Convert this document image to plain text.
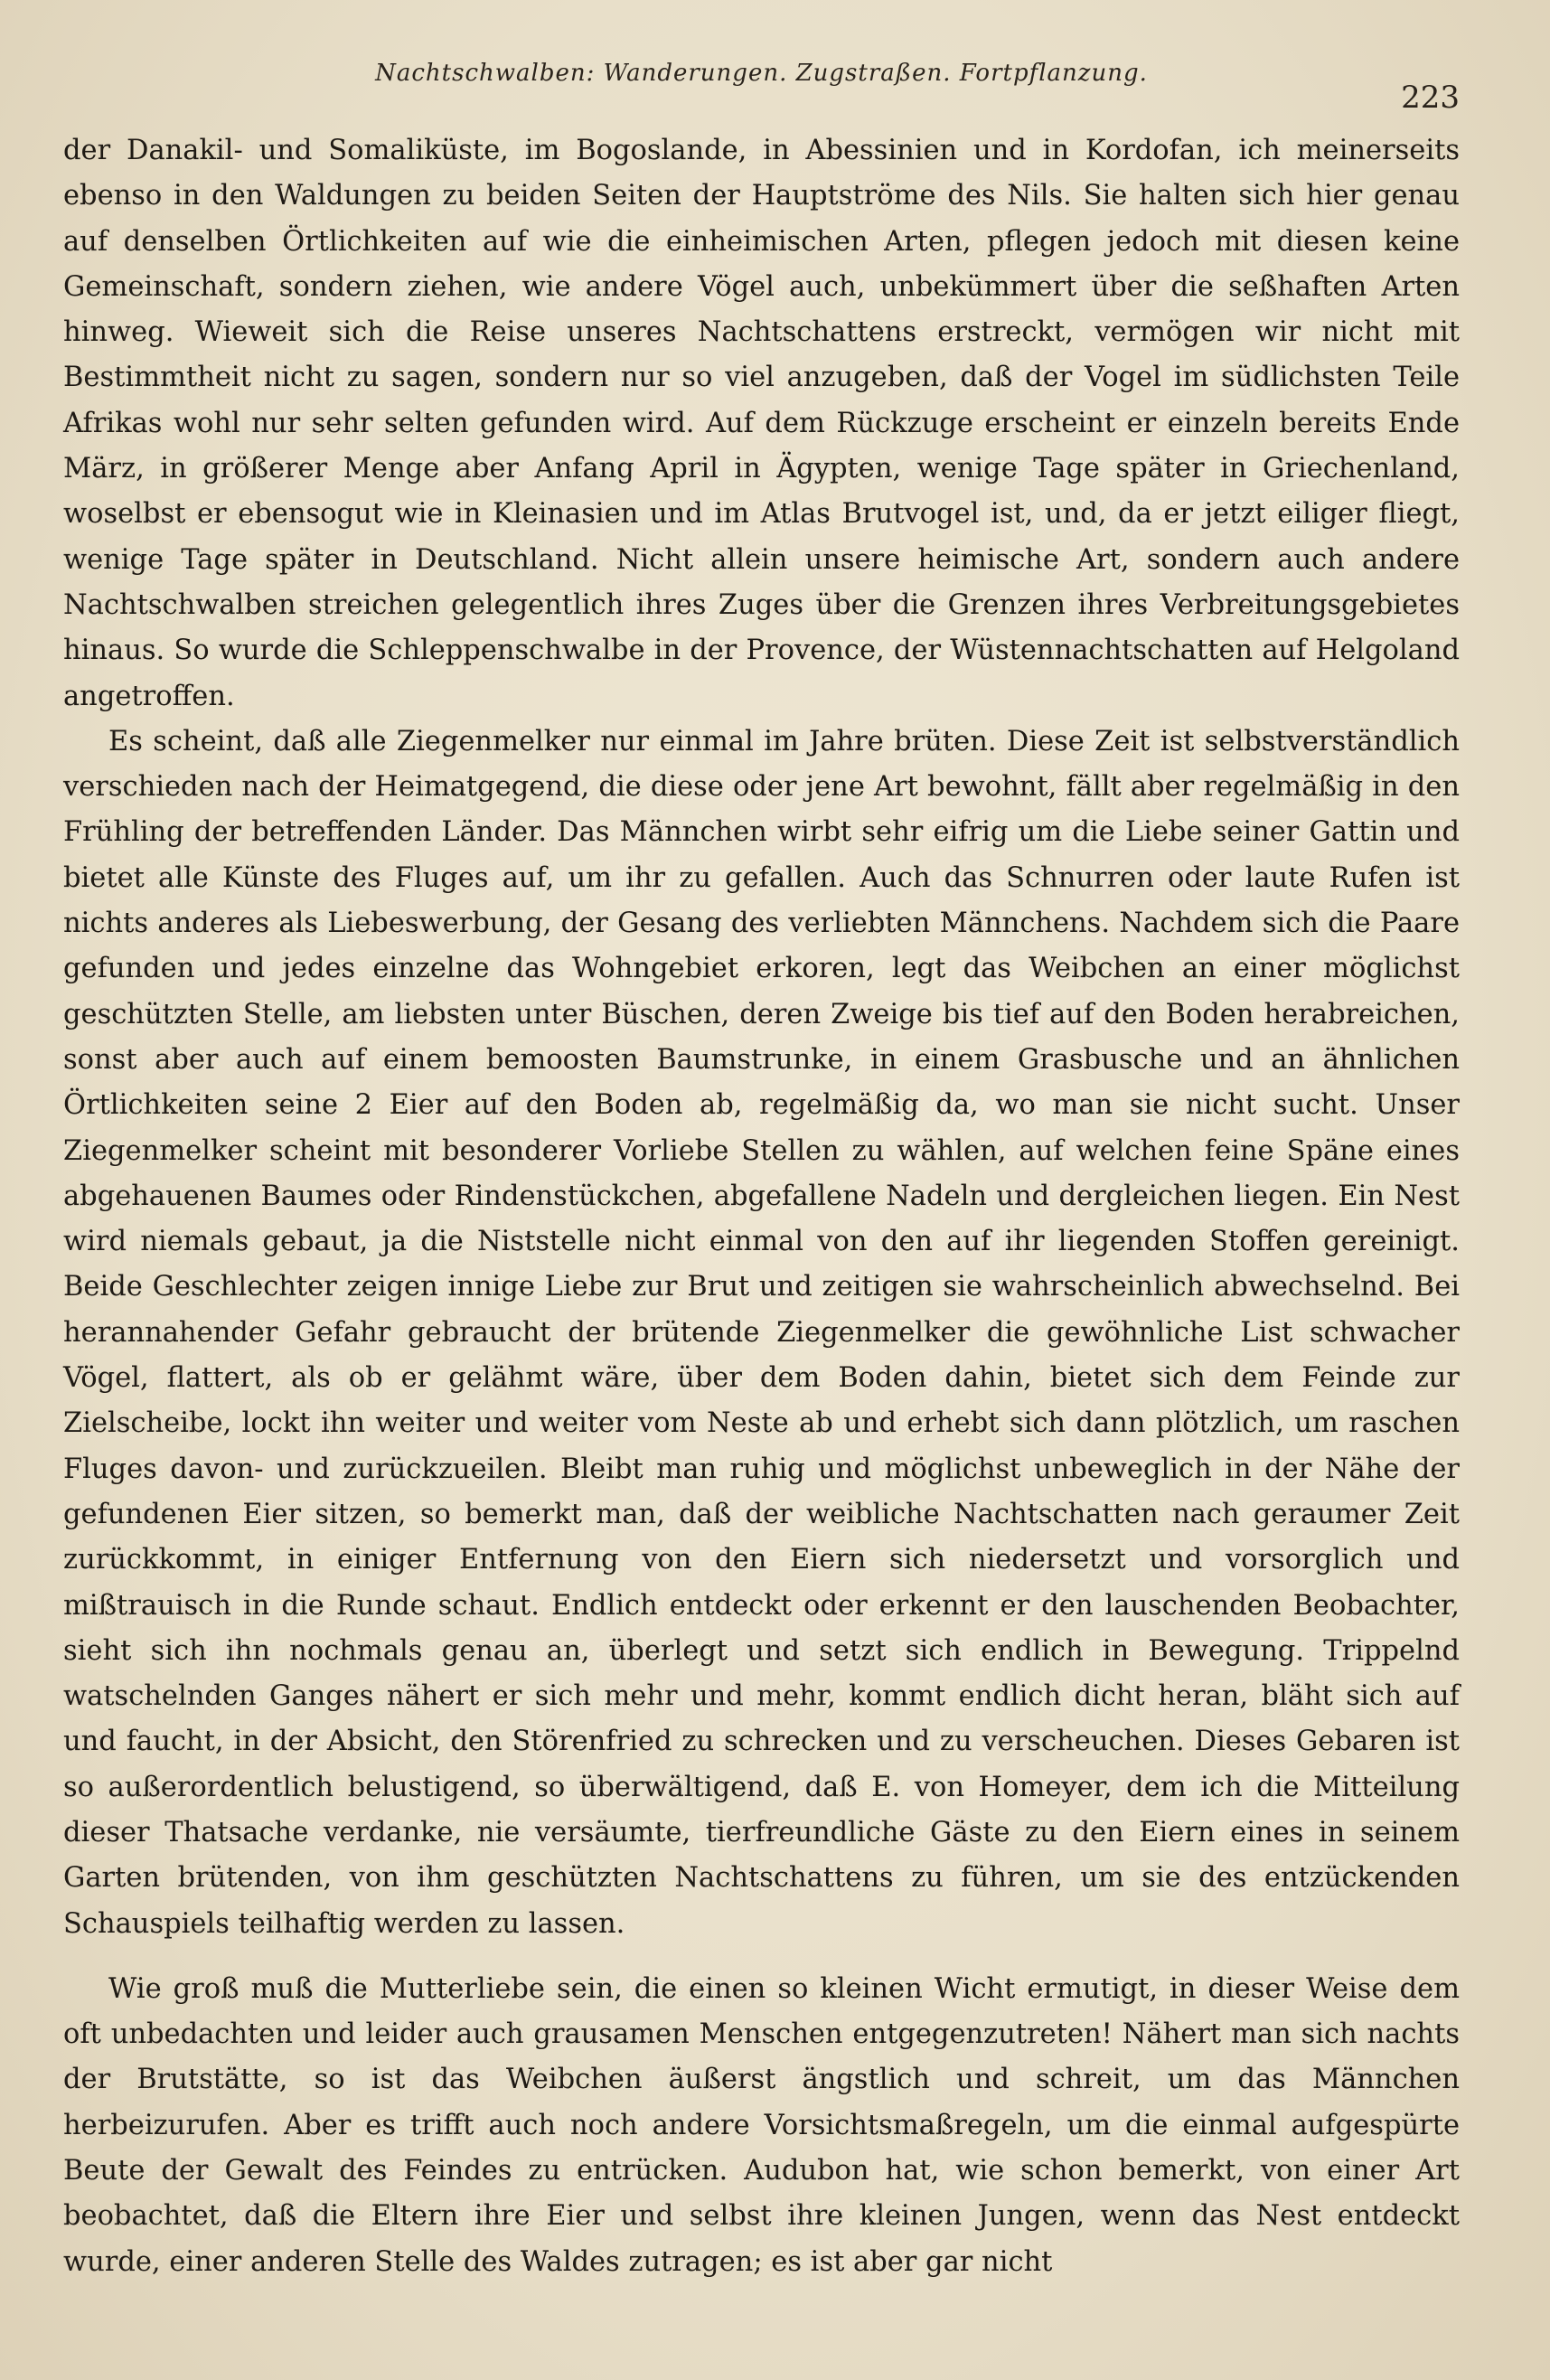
Nachtschwalben: Wanderungen. Zugstraßen. Fortpflanzung.
223

der Danakil- und Somaliküste, im Bogoslande, in Abessinien und in Kordofan, ich meinerseits ebenso in den Waldungen zu beiden Seiten der Hauptströme des Nils. Sie halten sich hier genau auf denselben Örtlichkeiten auf wie die einheimischen Arten, pflegen jedoch mit diesen keine Gemeinschaft, sondern ziehen, wie andere Vögel auch, unbekümmert über die seßhaften Arten hinweg. Wieweit sich die Reise unseres Nachtschattens erstreckt, vermögen wir nicht mit Bestimmtheit nicht zu sagen, sondern nur so viel anzugeben, daß der Vogel im südlichsten Teile Afrikas wohl nur sehr selten gefunden wird. Auf dem Rückzuge erscheint er einzeln bereits Ende März, in größerer Menge aber Anfang April in Ägypten, wenige Tage später in Griechenland, woselbst er ebensogut wie in Kleinasien und im Atlas Brutvogel ist, und, da er jetzt eiliger fliegt, wenige Tage später in Deutschland. Nicht allein unsere heimische Art, sondern auch andere Nachtschwalben streichen gelegentlich ihres Zuges über die Grenzen ihres Verbreitungsgebietes hinaus. So wurde die Schleppenschwalbe in der Provence, der Wüstennachtschatten auf Helgoland angetroffen.

Es scheint, daß alle Ziegenmelker nur einmal im Jahre brüten. Diese Zeit ist selbstverständlich verschieden nach der Heimatgegend, die diese oder jene Art bewohnt, fällt aber regelmäßig in den Frühling der betreffenden Länder. Das Männchen wirbt sehr eifrig um die Liebe seiner Gattin und bietet alle Künste des Fluges auf, um ihr zu gefallen. Auch das Schnurren oder laute Rufen ist nichts anderes als Liebeswerbung, der Gesang des verliebten Männchens. Nachdem sich die Paare gefunden und jedes einzelne das Wohngebiet erkoren, legt das Weibchen an einer möglichst geschützten Stelle, am liebsten unter Büschen, deren Zweige bis tief auf den Boden herabreichen, sonst aber auch auf einem bemoosten Baumstrunke, in einem Grasbusche und an ähnlichen Örtlichkeiten seine 2 Eier auf den Boden ab, regelmäßig da, wo man sie nicht sucht. Unser Ziegenmelker scheint mit besonderer Vorliebe Stellen zu wählen, auf welchen feine Späne eines abgehauenen Baumes oder Rindenstückchen, abgefallene Nadeln und dergleichen liegen. Ein Nest wird niemals gebaut, ja die Niststelle nicht einmal von den auf ihr liegenden Stoffen gereinigt. Beide Geschlechter zeigen innige Liebe zur Brut und zeitigen sie wahrscheinlich abwechselnd. Bei herannahender Gefahr gebraucht der brütende Ziegenmelker die gewöhnliche List schwacher Vögel, flattert, als ob er gelähmt wäre, über dem Boden dahin, bietet sich dem Feinde zur Zielscheibe, lockt ihn weiter und weiter vom Neste ab und erhebt sich dann plötzlich, um raschen Fluges davon- und zurückzueilen. Bleibt man ruhig und möglichst unbeweglich in der Nähe der gefundenen Eier sitzen, so bemerkt man, daß der weibliche Nachtschatten nach geraumer Zeit zurückkommt, in einiger Entfernung von den Eiern sich niedersetzt und vorsorglich und mißtrauisch in die Runde schaut. Endlich entdeckt oder erkennt er den lauschenden Beobachter, sieht sich ihn nochmals genau an, überlegt und setzt sich endlich in Bewegung. Trippelnd watschelnden Ganges nähert er sich mehr und mehr, kommt endlich dicht heran, bläht sich auf und faucht, in der Absicht, den Störenfried zu schrecken und zu verscheuchen. Dieses Gebaren ist so außerordentlich belustigend, so überwältigend, daß E. von Homeyer, dem ich die Mitteilung dieser Thatsache verdanke, nie versäumte, tierfreundliche Gäste zu den Eiern eines in seinem Garten brütenden, von ihm geschützten Nachtschattens zu führen, um sie des entzückenden Schauspiels teilhaftig werden zu lassen.

Wie groß muß die Mutterliebe sein, die einen so kleinen Wicht ermutigt, in dieser Weise dem oft unbedachten und leider auch grausamen Menschen entgegenzutreten! Nähert man sich nachts der Brutstätte, so ist das Weibchen äußerst ängstlich und schreit, um das Männchen herbeizurufen. Aber es trifft auch noch andere Vorsichtsmaßregeln, um die einmal aufgespürte Beute der Gewalt des Feindes zu entrücken. Audubon hat, wie schon bemerkt, von einer Art beobachtet, daß die Eltern ihre Eier und selbst ihre kleinen Jungen, wenn das Nest entdeckt wurde, einer anderen Stelle des Waldes zutragen; es ist aber gar nicht
